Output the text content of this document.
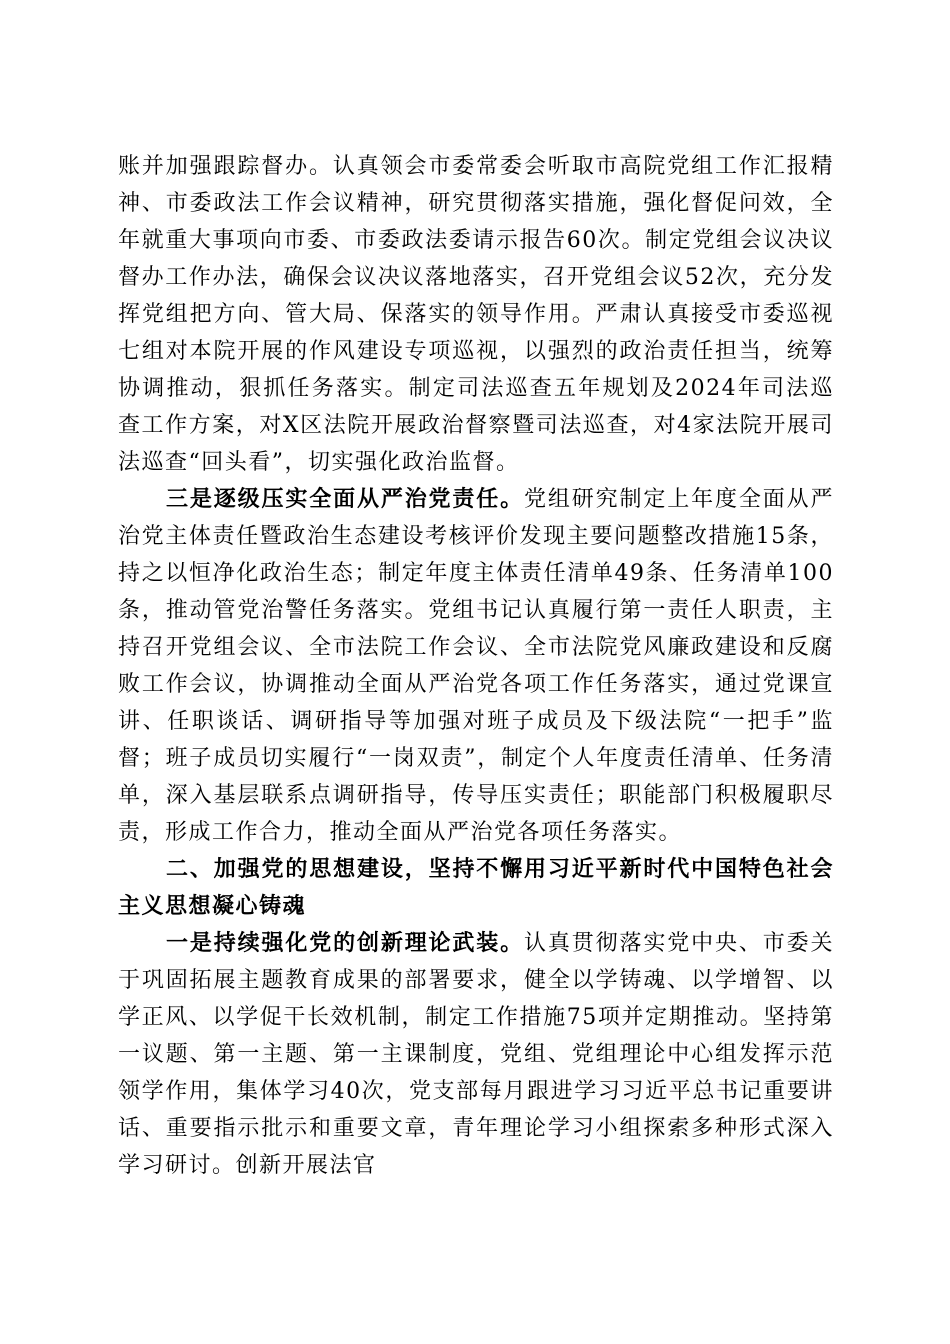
账并加强跟踪督办。认真领会市委常委会听取市高院党组工作汇报精神、市委政法工作会议精神，研究贯彻落实措施，强化督促问效，全年就重大事项向市委、市委政法委请示报告60次。制定党组会议决议督办工作办法，确保会议决议落地落实，召开党组会议52次，充分发挥党组把方向、管大局、保落实的领导作用。严肃认真接受市委巡视七组对本院开展的作风建设专项巡视，以强烈的政治责任担当，统筹协调推动，狠抓任务落实。制定司法巡查五年规划及2024年司法巡查工作方案，对X区法院开展政治督察暨司法巡查，对4家法院开展司法巡查“回头看”，切实强化政治监督。

三是逐级压实全面从严治党责任。党组研究制定上年度全面从严治党主体责任暨政治生态建设考核评价发现主要问题整改措施15条，持之以恒净化政治生态；制定年度主体责任清单49条、任务清单100条，推动管党治警任务落实。党组书记认真履行第一责任人职责，主持召开党组会议、全市法院工作会议、全市法院党风廉政建设和反腐败工作会议，协调推动全面从严治党各项工作任务落实，通过党课宣讲、任职谈话、调研指导等加强对班子成员及下级法院“一把手”监督；班子成员切实履行“一岗双责”，制定个人年度责任清单、任务清单，深入基层联系点调研指导，传导压实责任；职能部门积极履职尽责，形成工作合力，推动全面从严治党各项任务落实。

二、加强党的思想建设，坚持不懈用习近平新时代中国特色社会主义思想凝心铸魂

一是持续强化党的创新理论武装。认真贯彻落实党中央、市委关于巩固拓展主题教育成果的部署要求，健全以学铸魂、以学增智、以学正风、以学促干长效机制，制定工作措施75项并定期推动。坚持第一议题、第一主题、第一主课制度，党组、党组理论中心组发挥示范领学作用，集体学习40次，党支部每月跟进学习习近平总书记重要讲话、重要指示批示和重要文章，青年理论学习小组探索多种形式深入学习研讨。创新开展法官
